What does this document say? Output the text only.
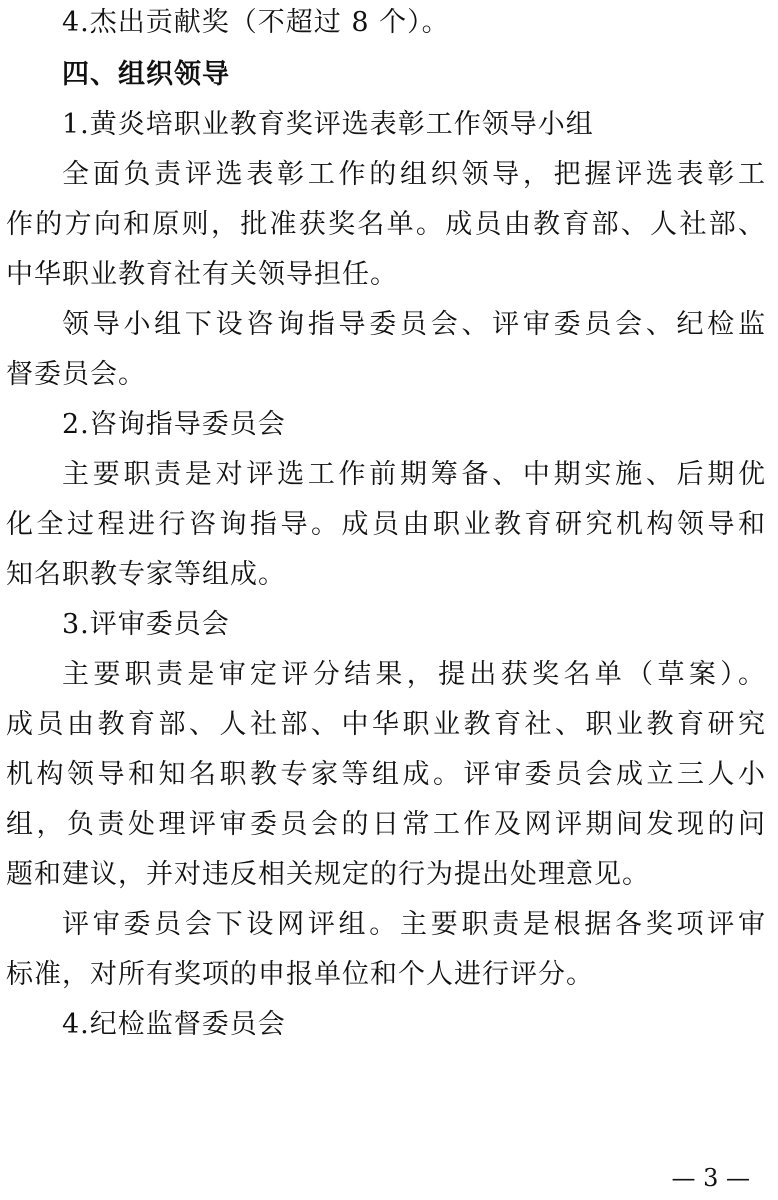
4.杰出贡献奖（不超过 8 个）。
四、组织领导
1.黄炎培职业教育奖评选表彰工作领导小组
全面负责评选表彰工作的组织领导，把握评选表彰工
作的方向和原则，批准获奖名单。成员由教育部、人社部、
中华职业教育社有关领导担任。
领导小组下设咨询指导委员会、评审委员会、纪检监
督委员会。
2.咨询指导委员会
主要职责是对评选工作前期筹备、中期实施、后期优
化全过程进行咨询指导。成员由职业教育研究机构领导和
知名职教专家等组成。
3.评审委员会
主要职责是审定评分结果，提出获奖名单（草案）。
成员由教育部、人社部、中华职业教育社、职业教育研究
机构领导和知名职教专家等组成。评审委员会成立三人小
组，负责处理评审委员会的日常工作及网评期间发现的问
题和建议，并对违反相关规定的行为提出处理意见。
评审委员会下设网评组。主要职责是根据各奖项评审
标准，对所有奖项的申报单位和个人进行评分。
4.纪检监督委员会
— 3 —
